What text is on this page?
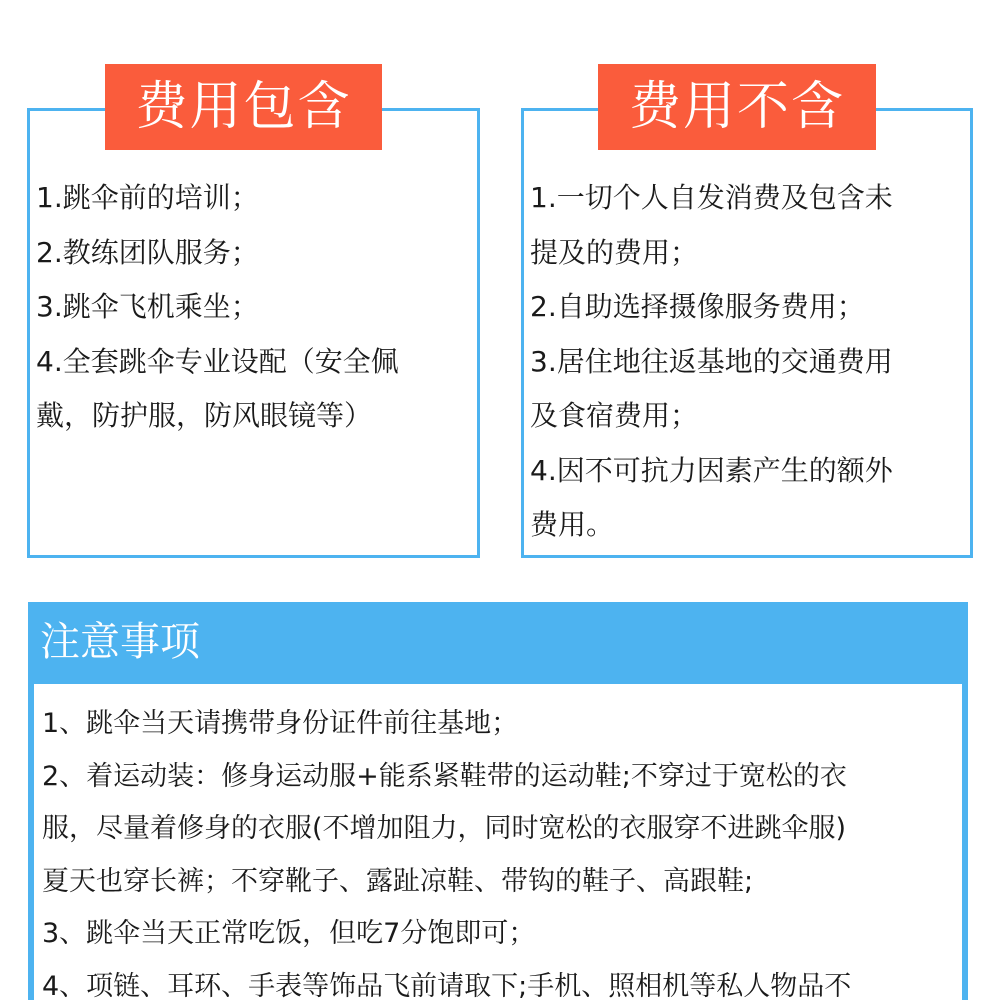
1.跳伞前的培训；
2.教练团队服务；
3.跳伞飞机乘坐；
4.全套跳伞专业设配（安全佩
戴，防护服，防风眼镜等）
费用包含
1.一切个人自发消费及包含未
提及的费用；
2.自助选择摄像服务费用；
3.居住地往返基地的交通费用
及食宿费用；
4.因不可抗力因素产生的额外
费用。
费用不含
注意事项
1、跳伞当天请携带身份证件前往基地；
2、着运动装：修身运动服+能系紧鞋带的运动鞋;不穿过于宽松的衣
服，尽量着修身的衣服(不增加阻力，同时宽松的衣服穿不进跳伞服)
夏天也穿长裤；不穿靴子、露趾凉鞋、带钩的鞋子、高跟鞋;
3、跳伞当天正常吃饭，但吃7分饱即可；
4、项链、耳环、手表等饰品飞前请取下;手机、照相机等私人物品不
